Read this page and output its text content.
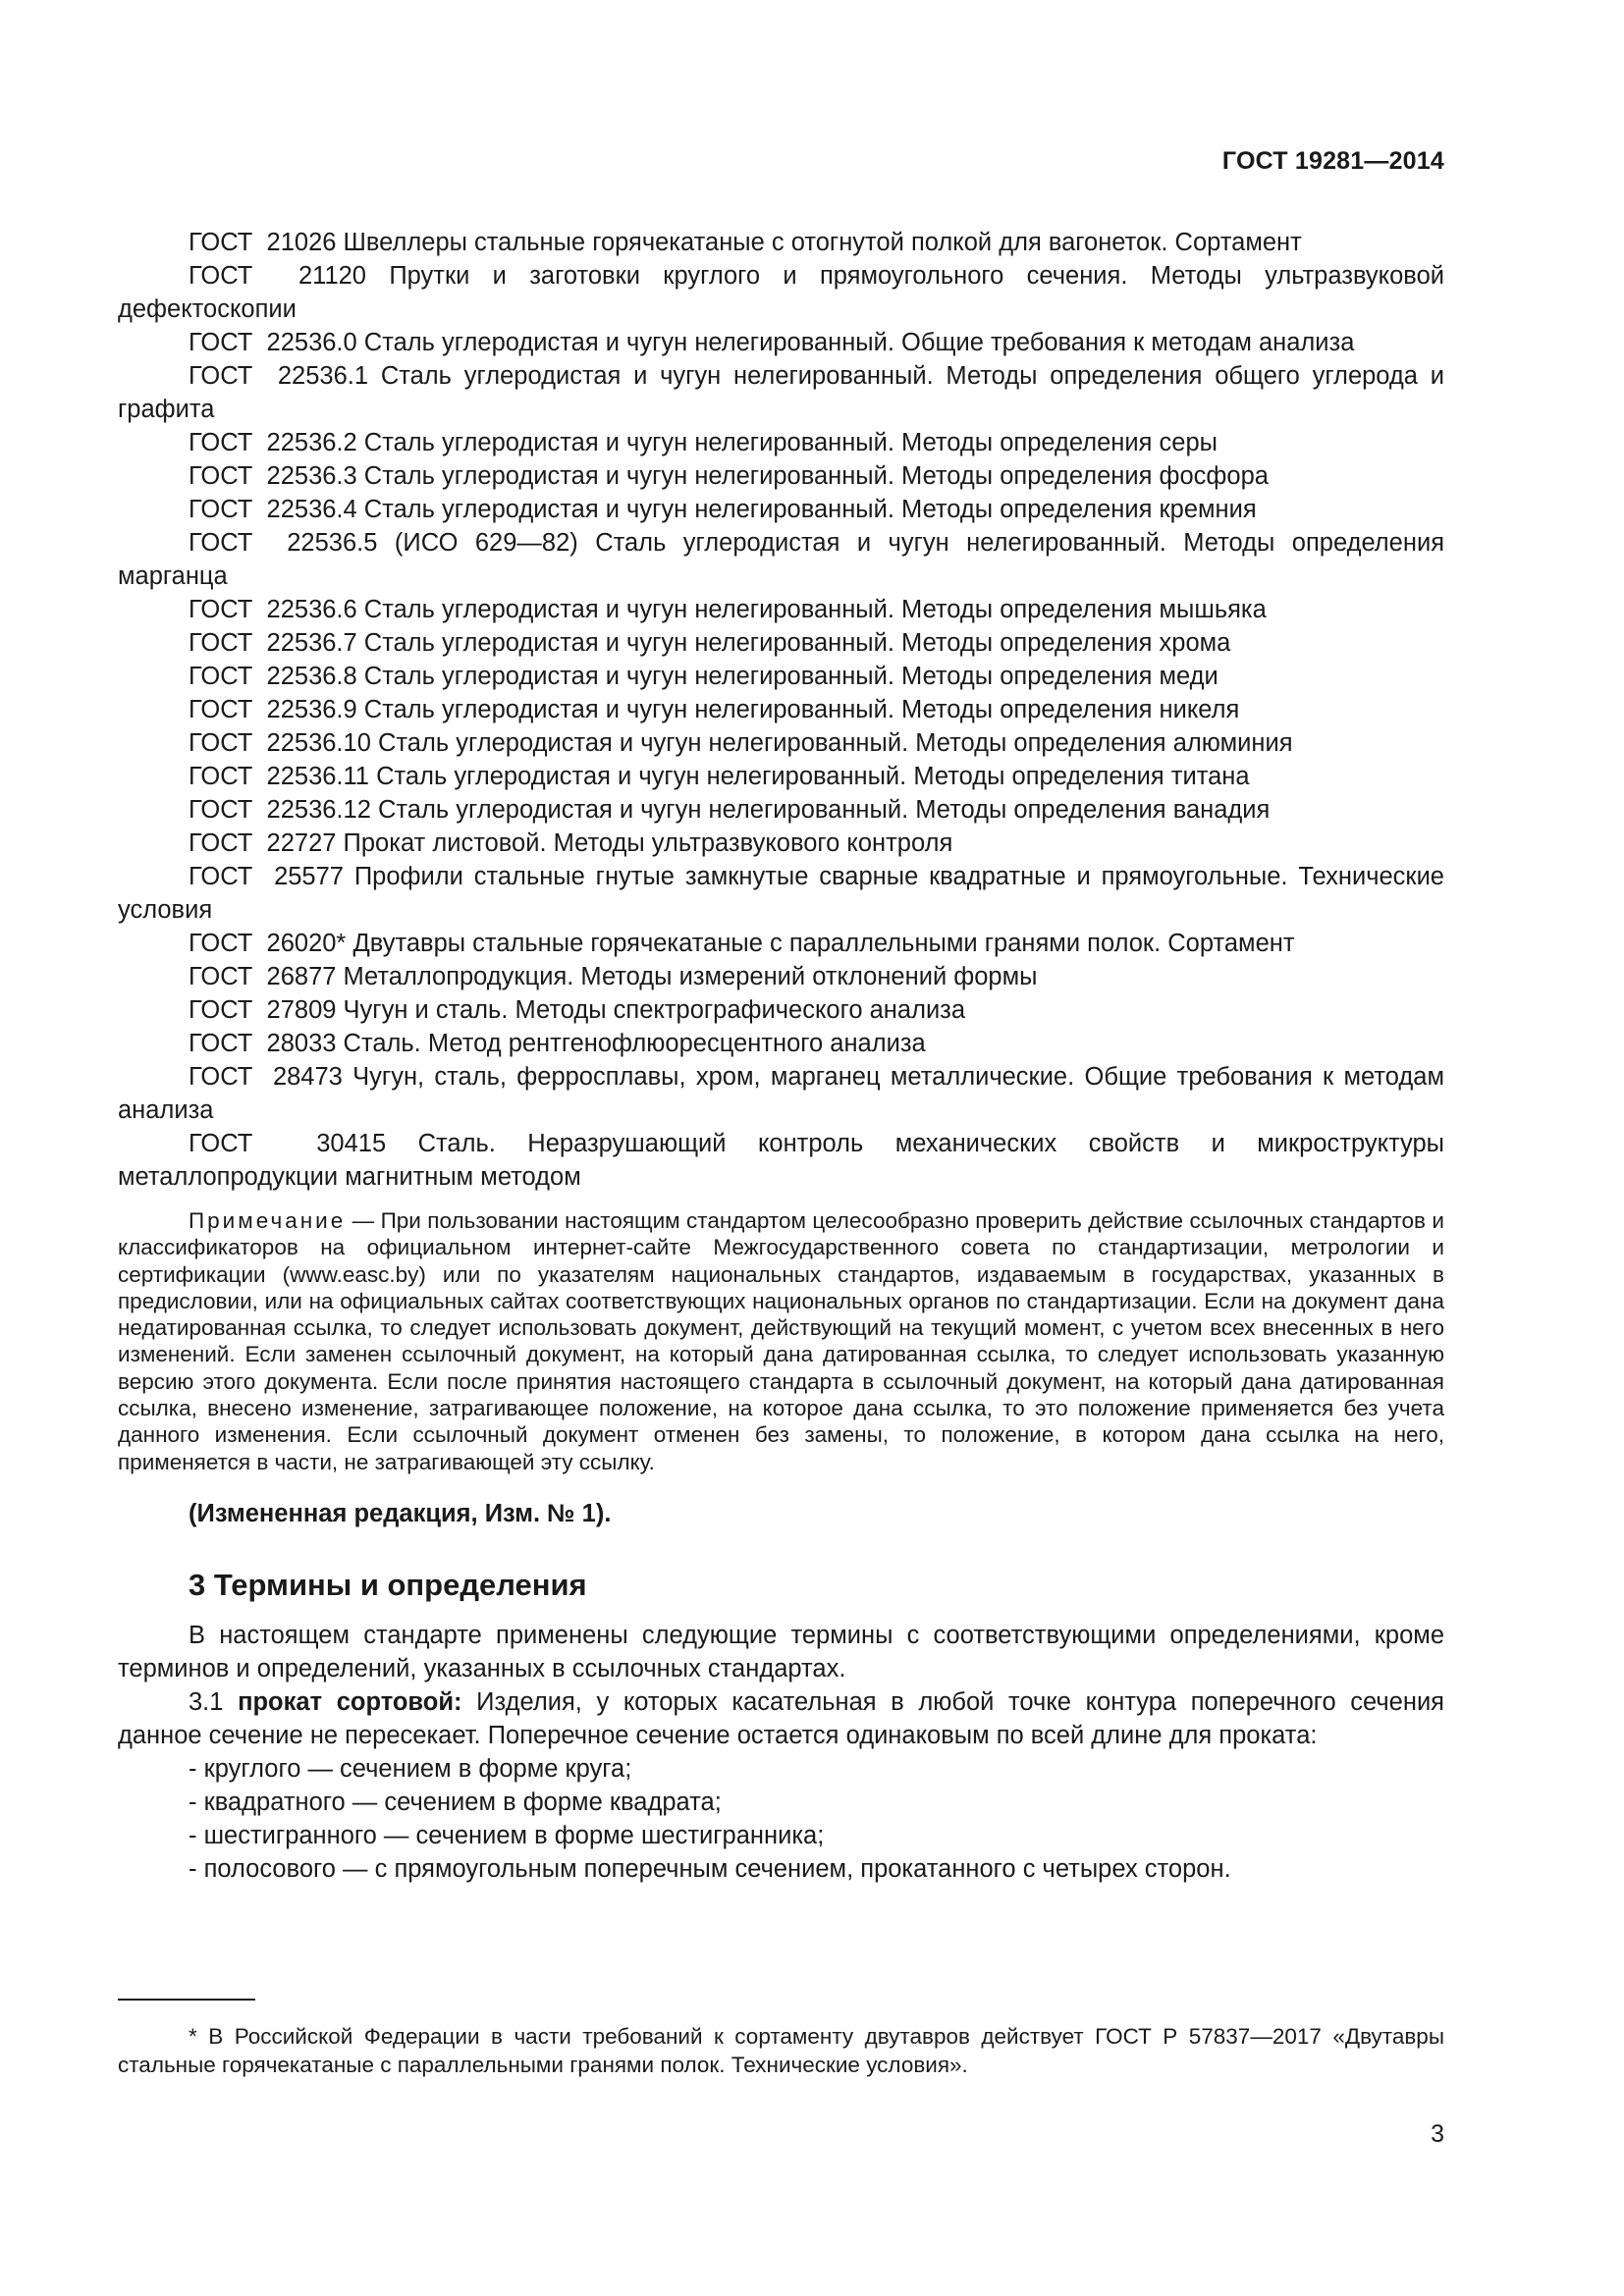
ГОСТ 19281—2014

ГОСТ  21026 Швеллеры стальные горячекатаные с отогнутой полкой для вагонеток. Сортамент

ГОСТ  21120 Прутки и заготовки круглого и прямоугольного сечения. Методы ультразвуковой дефектоскопии

ГОСТ  22536.0 Сталь углеродистая и чугун нелегированный. Общие требования к методам анализа

ГОСТ  22536.1 Сталь углеродистая и чугун нелегированный. Методы определения общего углерода и графита

ГОСТ  22536.2 Сталь углеродистая и чугун нелегированный. Методы определения серы

ГОСТ  22536.3 Сталь углеродистая и чугун нелегированный. Методы определения фосфора

ГОСТ  22536.4 Сталь углеродистая и чугун нелегированный. Методы определения кремния

ГОСТ  22536.5 (ИСО 629—82) Сталь углеродистая и чугун нелегированный. Методы определения марганца

ГОСТ  22536.6 Сталь углеродистая и чугун нелегированный. Методы определения мышьяка

ГОСТ  22536.7 Сталь углеродистая и чугун нелегированный. Методы определения хрома

ГОСТ  22536.8 Сталь углеродистая и чугун нелегированный. Методы определения меди

ГОСТ  22536.9 Сталь углеродистая и чугун нелегированный. Методы определения никеля

ГОСТ  22536.10 Сталь углеродистая и чугун нелегированный. Методы определения алюминия

ГОСТ  22536.11 Сталь углеродистая и чугун нелегированный. Методы определения титана

ГОСТ  22536.12 Сталь углеродистая и чугун нелегированный. Методы определения ванадия

ГОСТ  22727 Прокат листовой. Методы ультразвукового контроля

ГОСТ  25577 Профили стальные гнутые замкнутые сварные квадратные и прямоугольные. Технические условия

ГОСТ  26020* Двутавры стальные горячекатаные с параллельными гранями полок. Сортамент

ГОСТ  26877 Металлопродукция. Методы измерений отклонений формы

ГОСТ  27809 Чугун и сталь. Методы спектрографического анализа

ГОСТ  28033 Сталь. Метод рентгенофлюоресцентного анализа

ГОСТ  28473 Чугун, сталь, ферросплавы, хром, марганец металлические. Общие требования к методам анализа

ГОСТ  30415 Сталь. Неразрушающий контроль механических свойств и микроструктуры металлопродукции магнитным методом

Примечание — При пользовании настоящим стандартом целесообразно проверить действие ссылочных стандартов и классификаторов на официальном интернет-сайте Межгосударственного совета по стандартизации, метрологии и сертификации (www.easc.by) или по указателям национальных стандартов, издаваемым в государствах, указанных в предисловии, или на официальных сайтах соответствующих национальных органов по стандартизации. Если на документ дана недатированная ссылка, то следует использовать документ, действующий на текущий момент, с учетом всех внесенных в него изменений. Если заменен ссылочный документ, на который дана датированная ссылка, то следует использовать указанную версию этого документа. Если после принятия настоящего стандарта в ссылочный документ, на который дана датированная ссылка, внесено изменение, затрагивающее положение, на которое дана ссылка, то это положение применяется без учета данного изменения. Если ссылочный документ отменен без замены, то положение, в котором дана ссылка на него, применяется в части, не затрагивающей эту ссылку.
(Измененная редакция, Изм. № 1).
3 Термины и определения

В настоящем стандарте применены следующие термины с соответствующими определениями, кроме терминов и определений, указанных в ссылочных стандартах.

3.1 прокат сортовой: Изделия, у которых касательная в любой точке контура поперечного сечения данное сечение не пересекает. Поперечное сечение остается одинаковым по всей длине для проката:

- круглого — сечением в форме круга;
- квадратного — сечением в форме квадрата;
- шестигранного — сечением в форме шестигранника;
- полосового — с прямоугольным поперечным сечением, прокатанного с четырех сторон.
* В Российской Федерации в части требований к сортаменту двутавров действует ГОСТ Р 57837—2017 «Двутавры стальные горячекатаные с параллельными гранями полок. Технические условия».
3
